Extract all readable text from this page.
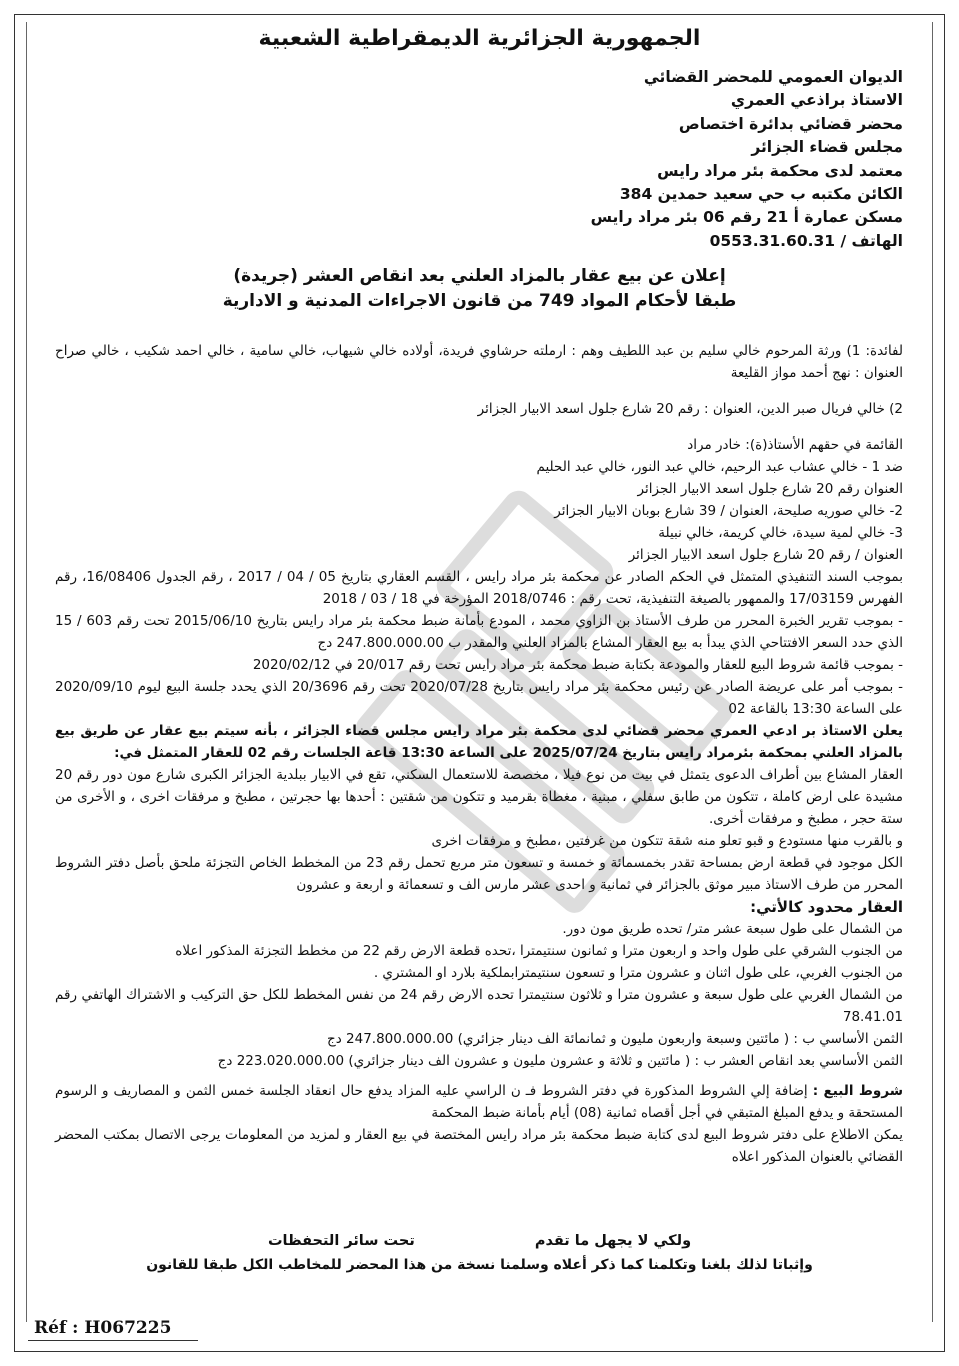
الجمهورية الجزائرية الديمقراطية الشعبية
الديوان العمومي للمحضر القضائي
الاستاذ براذعي العمري
محضر قضائي بدائرة اختصاص
مجلس قضاء الجزائر
معتمد لدى محكمة بئر مراد رايس
الكائن مكتبه ب حي سعيد حمدين 384
مسكن عمارة أ 21 رقم 06 بئر مراد رايس
الهاتف / 0553.31.60.31
إعلان عن بيع عقار بالمزاد العلني بعد انقاص العشر (جريدة)
طبقا لأحكام المواد 749 من قانون الاجراءات المدنية و الادارية

لفائدة: 1) ورثة المرحوم خالي سليم بن عبد اللطيف وهم : ارملته حرشاوي فريدة، أولاده خالي شيهاب، خالي سامية ، خالي احمد شكيب ، خالي صراح العنوان : نهج أحمد مواز القليعة

2) خالي فريال صبر الدين، العنوان : رقم 20 شارع جلول اسعد الابيار الجزائر

القائمة في حقهم الأستاذ(ة): خادر مراد

ضد 1 - خالي عشاب عبد الرحيم، خالي عبد النور، خالي عبد الحليم

العنوان رقم 20 شارع جلول اسعد الابيار الجزائر

2- خالي صوريه صليحة، العنوان / 39 شارع بوبان الابيار الجزائر

3- خالي لمية سيدة، خالي كريمة، خالي نبيلة

العنوان / رقم 20 شارع جلول اسعد الابيار الجزائر

بموجب السند التنفيذي المتمثل في الحكم الصادر عن محكمة بئر مراد رايس ، القسم العقاري بتاريخ 05 / 04 / 2017 ، رقم الجدول 16/08406، رقم الفهرس 17/03159 والممهور بالصيغة التنفيذية، تحت رقم : 2018/0746 المؤرخة في 18 / 03 / 2018

- بموجب تقرير الخبرة المحرر من طرف الأستاذ بن الزاوي محمد ، المودع بأمانة ضبط محكمة بئر مراد رايس بتاريخ 2015/06/10 تحت رقم 603 / 15 الذي حدد السعر الافتتاحي الذي يبدأ به بيع العقار المشاع بالمزاد العلني والمقدر ب 247.800.000.00 دج

- بموجب قائمة شروط البيع للعقار والمودعة بكتابة ضبط محكمة بئر مراد رايس تحت رقم 20/017 في 2020/02/12

- بموجب أمر على عريضة الصادر عن رئيس محكمة بئر مراد رايس بتاريخ 2020/07/28 تحت رقم 20/3696 الذي يحدد جلسة البيع ليوم 2020/09/10 على الساعة 13:30 بالقاعة 02

يعلن الاستاذ بر ادعي العمري محضر قضائي لدى محكمة بئر مراد رايس مجلس قضاء الجزائر ، بأنه سيتم بيع عقار عن طريق بيع بالمزاد العلني بمحكمة بئرمراد رايس بتاريخ 2025/07/24 على الساعة 13:30 قاعة الجلسات رقم 02 للعقار المتمثل في:

العقار المشاع بين أطراف الدعوى يتمثل في بيت من نوع فيلا ، مخصصة للاستعمال السكني، تقع في الابيار ببلدية الجزائر الكبرى شارع مون دور رقم 20 مشيدة على ارض كاملة ، تتكون من طابق سفلي ، مبنية ، مغطاة بقرميد و تتكون من شقتين : أحدها بها حجرتين ، مطبخ و مرفقات اخرى ، و الأخرى من ستة حجر ، مطبخ و مرفقات أخرى.

و بالقرب منها مستودع و قبو تعلو منه شقة تتكون من غرفتين ،مطبخ و مرفقات اخرى

الكل موجود في قطعة ارض بمساحة تقدر بخمسمائة و خمسة و تسعون متر مربع تحمل رقم 23 من المخطط الخاص التجزئة ملحق بأصل دفتر الشروط المحرر من طرف الاستاذ مبير موثق بالجزائر في ثمانية و احدى عشر مارس الف و تسعمائة و اربعة و عشرون

العقار محدود كالأتي:

من الشمال على طول سبعة عشر متر/ تحده طريق مون دور.

من الجنوب الشرقي على طول واحد و اربعون مترا و ثمانون سنتيمترا ،تحده قطعة الارض رقم 22 من مخطط التجزئة المذكور اعلاه

من الجنوب الغربي، على طول اثنان و عشرون مترا و تسعون سنتيمترابملكية بلارد او المشتري .

من الشمال الغربي على طول سبعة و عشرون مترا و ثلاثون سنتيمترا تحده الارض رقم 24 من نفس المخطط للكل حق التركيب و الاشتراك الهاتفي رقم 78.41.01

الثمن الأساسي ب : ( مائتين وسبعة واربعون مليون و ثمانمائة الف دينار جزائري) 247.800.000.00 دج

الثمن الأساسي بعد انقاص العشر ب : ( مائتين و ثلاثة و عشرون مليون و عشرون الف دينار جزائري) 223.020.000.00 دج

شروط البيع : إضافة إلي الشروط المذكورة في دفتر الشروط فـ ن الراسي عليه المزاد يدفع حال انعقاد الجلسة خمس الثمن و المصاريف و الرسوم المستحقة و يدفع المبلغ المتبقي في أجل أقصاه ثمانية (08) أيام بأمانة ضبط المحكمة

يمكن الاطلاع على دفتر شروط البيع لدى كتابة ضبط محكمة بئر مراد رايس المختصة في بيع العقار و لمزيد من المعلومات يرجى الاتصال بمكتب المحضر القضائي بالعنوان المذكور اعلاه

ولكي لا يجهل ما تقدم
تحت سائر التحفظات
وإثباتا لذلك بلغنا وتكلمنا كما ذكر أعلاه وسلمنا نسخة من هذا المحضر للمخاطب الكل طبقا للقانون
Réf : H067225
